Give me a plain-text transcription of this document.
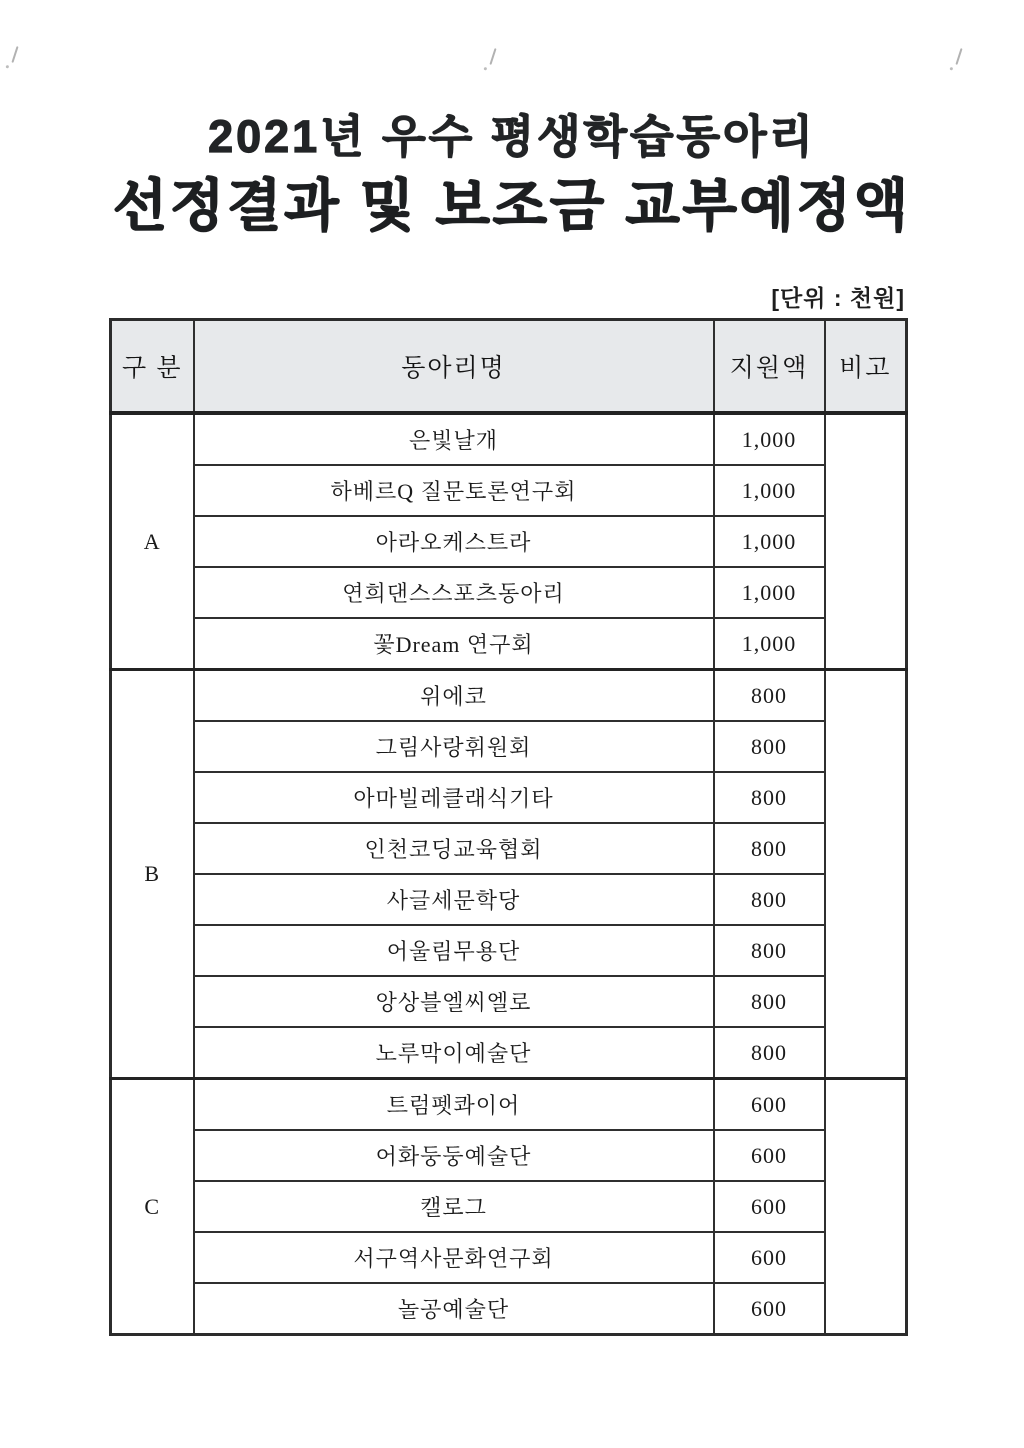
2021년 우수 평생학습동아리
선정결과 및 보조금 교부예정액
[단위 : 천원]
구 분	동아리명	지원액	비고
A	은빛날개	1,000	
	하베르Q 질문토론연구회	1,000	
	아라오케스트라	1,000	
	연희댄스스포츠동아리	1,000	
	꽃Dream 연구회	1,000	
B	위에코	800	
	그림사랑휘원회	800	
	아마빌레클래식기타	800	
	인천코딩교육협회	800	
	사글세문학당	800	
	어울림무용단	800	
	앙상블엘씨엘로	800	
	노루막이예술단	800	
C	트럼펫콰이어	600	
	어화둥둥예술단	600	
	캘로그	600	
	서구역사문화연구회	600	
	놀공예술단	600	
